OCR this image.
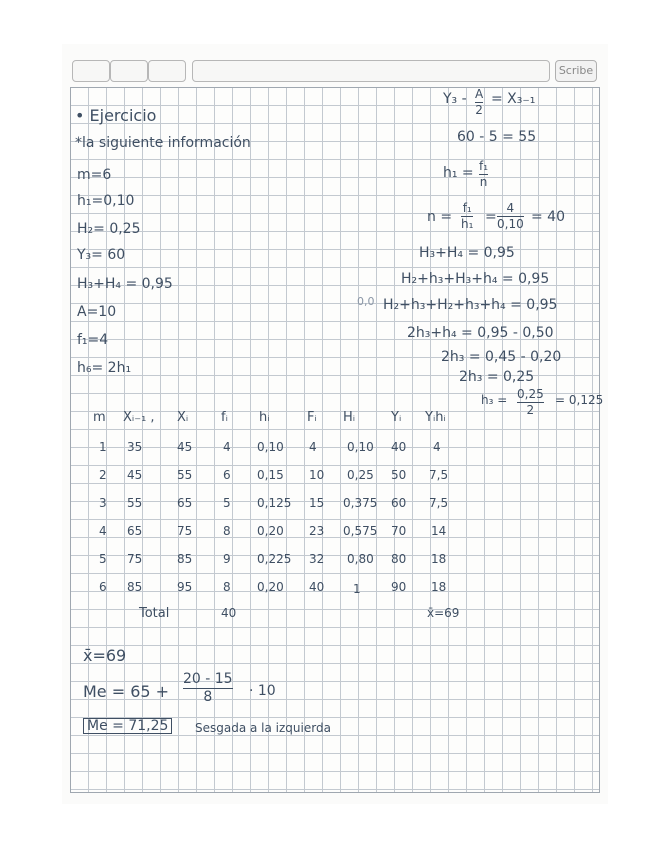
Scribe
• Ejercicio
*la siguiente información
m=6
h₁=0,10
H₂= 0,25
Y₃= 60
H₃+H₄ = 0,95
A=10
f₁=4
h₆= 2h₁
Y₃ - A
2
= X₃₋₁
60 - 5 = 55
h₁ = f₁
n
n =
f₁
h₁ =
4
0,10 = 40
H₃+H₄ = 0,95
H₂+h₃+H₃+h₄ = 0,95
0,0 H₂+h₃+H₂+h₃+h₄ = 0,95
2h₃+h₄ = 0,95 - 0,50
2h₃ = 0,45 - 0,20
2h₃ = 0,25
h₃ = 0,25
2
= 0,125
m Xᵢ₋₁ , Xᵢ	fᵢ hᵢ	Fᵢ Hᵢ	Yᵢ Yᵢhᵢ
1 35	45	4 0,10 4	0,10 40 4
2 45	55	6 0,15 10 0,25 50 7,5
3 55	65	5 0,125 15 0,375 60 7,5
4 65	75	8 0,20 23 0,575 70 14
5 75	85	9 0,225 32 0,80 80 18
6 85	95	8 0,20 40 1	90 18
Total	40	x̄=69
x̄=69
Me = 65 +
20 - 15
8	· 10
Me = 71,25	Sesgada a la izquierda
